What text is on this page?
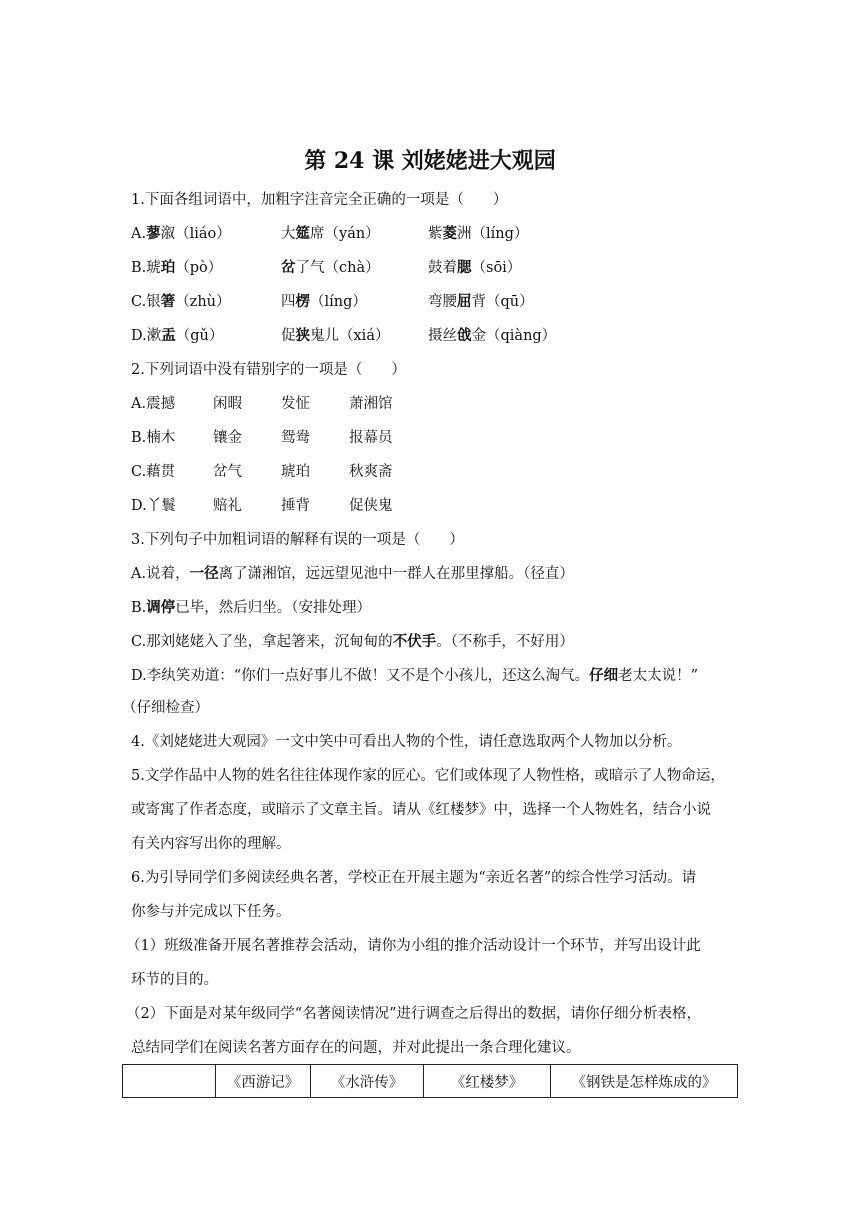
第 24 课 刘姥姥进大观园
1.下面各组词语中，加粗字注音完全正确的一项是（　　）
A.蓼溆（liáo）	大筵席（yán）	紫菱洲（líng）
B.琥珀（pò）	岔了气（chà）	鼓着腮（sōi）
C.银箸（zhù）	四楞（líng）	弯腰屈背（qū）
D.漱盂（gǔ）	促狭鬼儿（xiá）	摄丝戗金（qiàng）
2.下列词语中没有错别字的一项是（　　）
A.震撼	闲暇	发怔	萧湘馆
B.楠木	镶金	鸳鸯	报幕员
C.藉贯	岔气	琥珀	秋爽斋
D.丫鬟	赔礼	捶背	促侠鬼
3.下列句子中加粗词语的解释有误的一项是（　　）
A.说着，一径离了潇湘馆，远远望见池中一群人在那里撑船。（径直）
B.调停已毕，然后归坐。（安排处理）
C.那刘姥姥入了坐，拿起箸来，沉甸甸的不伏手。（不称手，不好用）
D.李纨笑劝道：“你们一点好事儿不做！又不是个小孩儿，还这么淘气。仔细老太太说！”
（仔细检查）
4.《刘姥姥进大观园》一文中笑中可看出人物的个性，请任意选取两个人物加以分析。
5.文学作品中人物的姓名往往体现作家的匠心。它们或体现了人物性格，或暗示了人物命运，
或寄寓了作者态度，或暗示了文章主旨。请从《红楼梦》中，选择一个人物姓名，结合小说
有关内容写出你的理解。
6.为引导同学们多阅读经典名著，学校正在开展主题为“亲近名著”的综合性学习活动。请
你参与并完成以下任务。
（1）班级准备开展名著推荐会活动，请你为小组的推介活动设计一个环节，并写出设计此
环节的目的。
（2）下面是对某年级同学“名著阅读情况”进行调查之后得出的数据，请你仔细分析表格，
总结同学们在阅读名著方面存在的问题，并对此提出一条合理化建议。
	《西游记》	《水浒传》	《红楼梦》	《钢铁是怎样炼成的》
